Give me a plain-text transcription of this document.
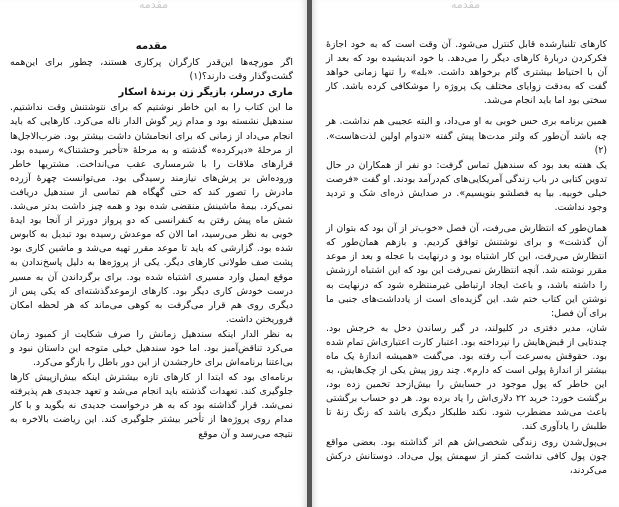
مقدمه
مقدمه

اگر مورچه‌ها این‌قدر کارگران پرکاری هستند، چطور برای این‌همه گشت‌وگذار وقت دارند؟(۱)

ماری درسلر، بازیگر زن برندهٔ اسکار

ما این کتاب را به این خاطر نوشتیم که برای نتوشتنش وقت نداشتیم. سندهیل نشسته بود و مدام زیر گوش الدار ناله می‌کرد. کارهایی که باید انجام می‌داد از زمانی که برای انجامشان داشت بیشتر بود. ضرب‌الاجل‌ها از مرحلهٔ «دیرکرده» گذشته و به مرحلهٔ «تأخیر وحشتناک» رسیده بود. قرارهای ملاقات را با شرمساری عقب می‌انداخت. مشتریها خاطر وروده‌اش بر پرش‌های نیازمند رسیدگی بود. می‌توانست چهرهٔ آزرده مادرش را تصور کند که حتی گهگاه هم تماسی از سندهیل دریافت نمی‌کرد. بیمهٔ ماشینش منقضی شده بود و همه چیز داشت بدتر می‌شد. شش ماه پیش رفتن به کنفرانسی که دو پرواز دورتر از آنجا بود ایدهٔ خوبی به نظر می‌رسید، اما الان که موعدش رسیده بود تبدیل به کابوس شده بود. گزارشی که باید تا موعد مقرر تهیه می‌شد و ماشین کاری بود پشت صف طولانی کارهای دیگر. یکی از پروژه‌ها به دلیل پاسخ‌ندادن به موقع ایمیل وارد مسیری اشتباه شده بود. برای برگرداندن آن به مسیر درست خودش کاری دیگر بود. کارهای ازموعدگذشته‌ای که یکی پس از دیگری روی هم قرار می‌گرفت به کوهی می‌ماند که هر لحظه امکان فروریختن داشت.

به نظر الدار اینکه سندهیل زمانش را صرف شکایت از کمبود زمان می‌کرد تناقض‌آمیز بود. اما خود سندهیل خیلی متوجه این داستان نبود و بی‌اعتنا برنامه‌اش برای خارجشدن از این دور باطل را بازگو می‌کرد.

برنامه‌ای بود که ابتدا از کارهای تازه بیشترش اینکه بیش‌ازپیش کارها جلوگیری کند. تعهدات گذشته باید انجام می‌شد و تعهد جدیدی هم پذیرفته نمی‌شد. قرار گذاشته بود که به هر درخواست جدیدی نه بگوید و با کار مدام روی پروژه‌ها از تأخیر بیشتر جلوگیری کند. این ریاضت بالاخره به نتیجه می‌رسد و آن موقع

مقدمه

کارهای تلنبارشده قابل کنترل می‌شود. آن وقت است که به خود اجازهٔ فکرکردن دربارهٔ کارهای دیگر را می‌دهد. با خود اندیشیده بود که بعد از آن با احتیاط بیشتری گام برخواهد داشت. «بله» را تنها زمانی خواهد گفت که به‌دقت زوایای مختلف یک پروژه را موشکافی کرده باشد. کار سختی بود اما باید انجام می‌شد.

همین برنامه بری حس خوبی به او می‌داد، و البته عجیبی هم نداشت. هر چه باشد آن‌طور که ولتر مدت‌ها پیش گفته «تدوام اولین لذت‌هاست». (۲)

یک هفته بعد بود که سندهیل تماس گرفت: دو نفر از همکاران در حال تدوین کتابی در باب زندگی آمریکایی‌های کم‌درآمد بودند. او گفت «فرصت خیلی خوبیه. بیا یه فصلشو بنویسیم». در صدایش ذره‌ای شک و تردید وجود نداشت.

همان‌طور که انتظارش می‌رفت، آن فصل «خوب‌تر از آن بود که بتوان از آن گذشت» و برای نوشتنش توافق کردیم. و بازهم همان‌طور که انتظارش می‌رفت، این کار اشتباه بود و درنهایت با عجله و بعد از موعد مقرر نوشته شد. آنچه انتظارش نمی‌رفت این بود که این اشتباه ارزشش را داشته باشد، و باعث ایجاد ارتباطی غیرمنتظره شود که درنهایت به نوشتن این کتاب ختم شد. این گزیده‌ای است از یادداشت‌های جنبی ما برای آن فصل:

شان، مدیر دفتری در کلیولند، در گیر رساندن دخل به خرجش بود. چندتایی از قبض‌هایش را نپرداخته بود. اعتبار کارت اعتباری‌اش تمام شده بود. حقوقش به‌سرعت آب رفته بود. می‌گفت «همیشه اندازهٔ یک ماه بیشتر از اندازهٔ پولی است که دارم». چند روز پیش یکی از چک‌هایش، به این خاطر که پول موجود در حسابش را بیش‌ازحد تخمین زده بود، برگشت خورد: خرید ۲۲ دلاری‌اش را یاد برده بود. هر دو حساب برگشتی باعث می‌شد مضطرب شود. نکند طلبکار دیگری باشد که زنگ زنهٔ تا طلبش را یادآوری کند.

بی‌پول‌شدن روی زندگی شخصی‌اش هم اثر گذاشته بود. بعضی مواقع چون پول کافی نداشت کمتر از سهمش پول می‌داد. دوستانش درکش می‌کردند،
